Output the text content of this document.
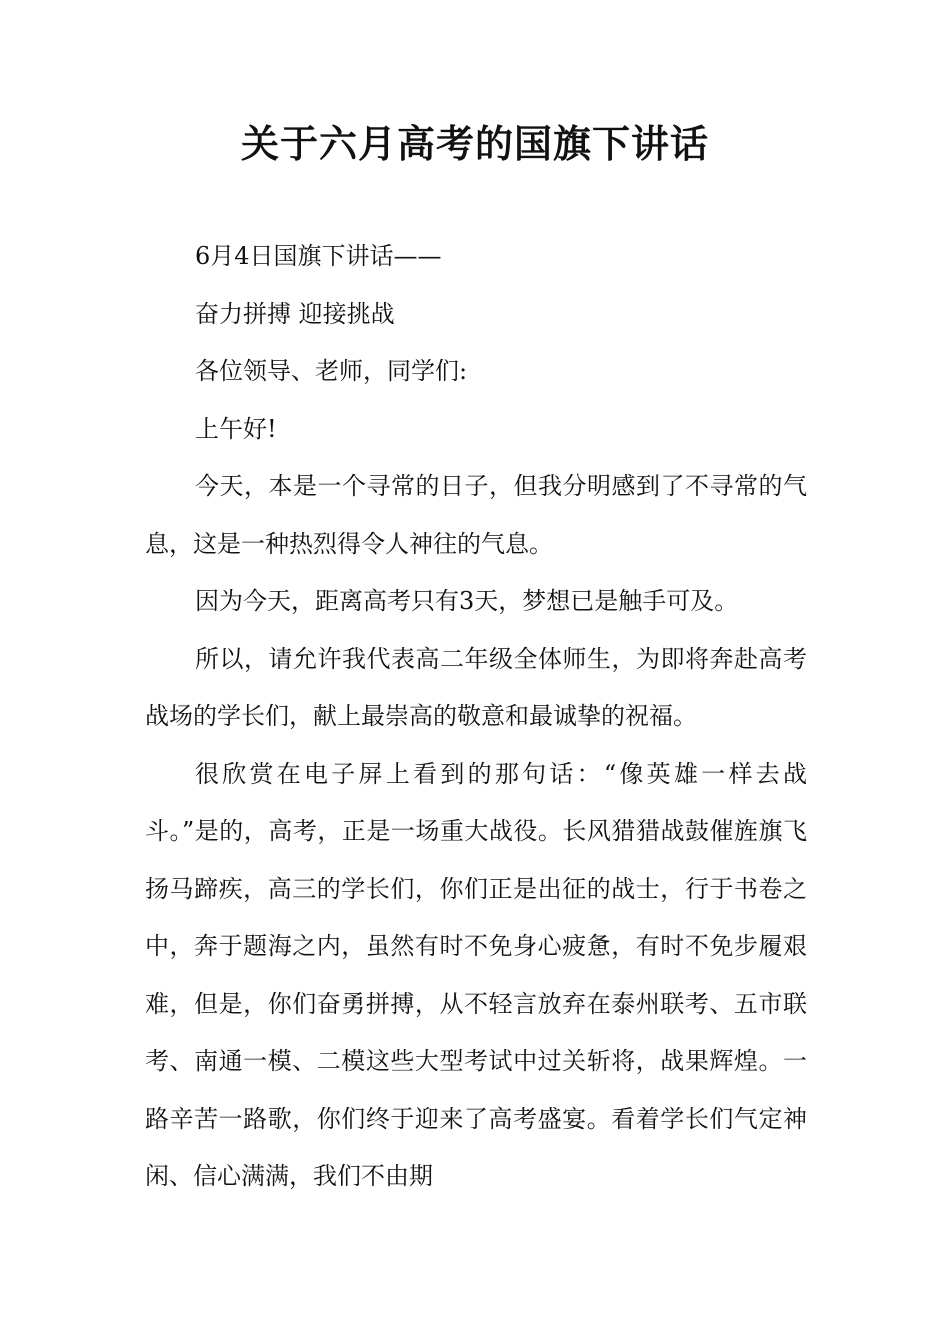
关于六月高考的国旗下讲话

6月4日国旗下讲话——

奋力拼搏 迎接挑战

各位领导、老师，同学们:

上午好!

今天，本是一个寻常的日子，但我分明感到了不寻常的气息，这是一种热烈得令人神往的气息。

因为今天，距离高考只有3天，梦想已是触手可及。

所以，请允许我代表高二年级全体师生，为即将奔赴高考战场的学长们，献上最崇高的敬意和最诚挚的祝福。

很欣赏在电子屏上看到的那句话：“像英雄一样去战斗。”是的，高考，正是一场重大战役。长风猎猎战鼓催旌旗飞扬马蹄疾，高三的学长们，你们正是出征的战士，行于书卷之中，奔于题海之内，虽然有时不免身心疲惫，有时不免步履艰难，但是，你们奋勇拼搏，从不轻言放弃在泰州联考、五市联考、南通一模、二模这些大型考试中过关斩将，战果辉煌。一路辛苦一路歌，你们终于迎来了高考盛宴。看着学长们气定神闲、信心满满，我们不由期
